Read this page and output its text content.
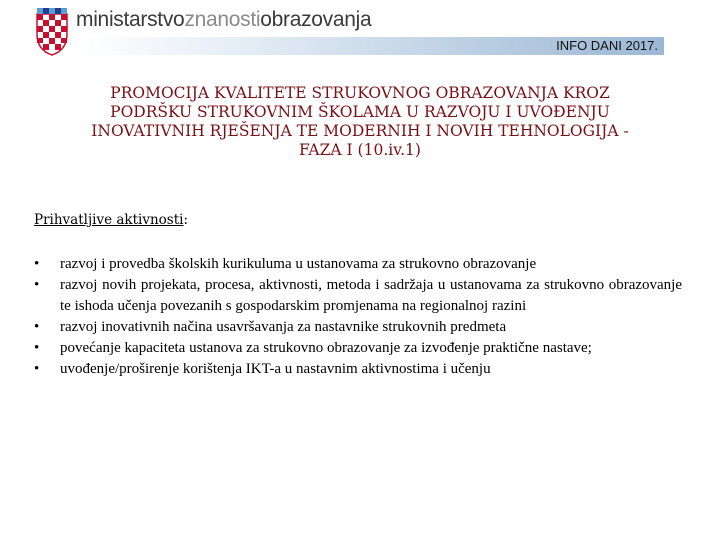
ministarstvoznanostiobrazovanja
INFO DANI 2017.
PROMOCIJA KVALITETE STRUKOVNOG OBRAZOVANJA KROZ
PODRŠKU STRUKOVNIM ŠKOLAMA U RAZVOJU I UVOĐENJU
INOVATIVNIH RJEŠENJA TE MODERNIH I NOVIH TEHNOLOGIJA -
FAZA I (10.iv.1)
Prihvatljive aktivnosti:
•	razvoj i provedba školskih kurikuluma u ustanovama za strukovno obrazovanje
•	razvoj novih projekata, procesa, aktivnosti, metoda i sadržaja u ustanovama za strukovno obrazovanje te ishoda učenja povezanih s gospodarskim promjenama na regionalnoj razini
•	razvoj inovativnih načina usavršavanja za nastavnike strukovnih predmeta
•	povećanje kapaciteta ustanova za strukovno obrazovanje za izvođenje praktične nastave;
•	uvođenje/proširenje korištenja IKT-a u nastavnim aktivnostima i učenju
